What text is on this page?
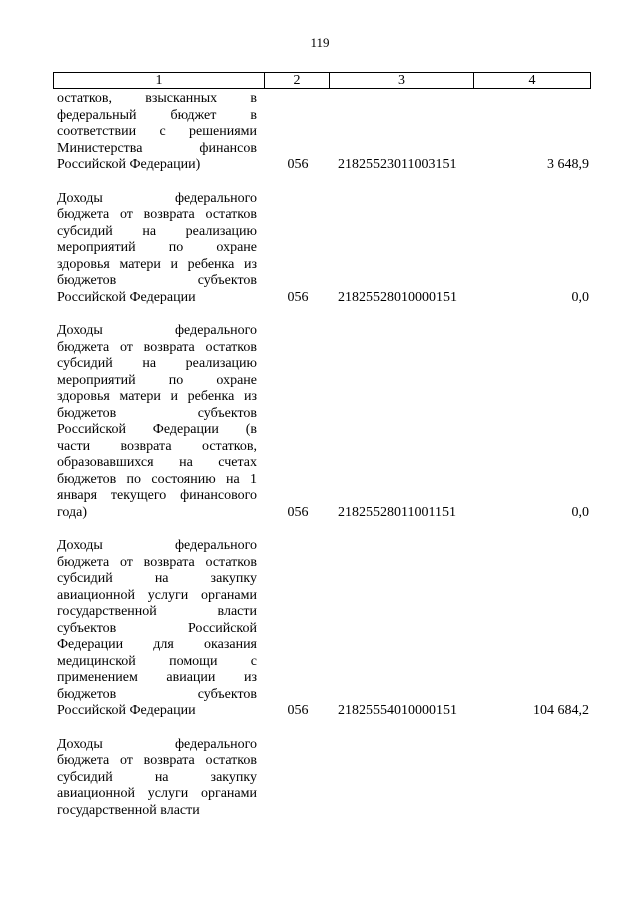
119
1	2	3	4
остатков, взысканных в
федеральный бюджет в
соответствии с решениями
Министерства финансов
Российской Федерации)	056 21825523011003151	3 648,9
Доходы федерального
бюджета от возврата остатков
субсидий на реализацию
мероприятий по охране
здоровья матери и ребенка из
бюджетов субъектов
Российской Федерации	056 21825528010000151	0,0
Доходы федерального
бюджета от возврата остатков
субсидий на реализацию
мероприятий по охране
здоровья матери и ребенка из
бюджетов субъектов
Российской Федерации (в
части возврата остатков,
образовавшихся на счетах
бюджетов по состоянию на 1
января текущего финансового
года)	056 21825528011001151	0,0
Доходы федерального
бюджета от возврата остатков
субсидий на закупку
авиационной услуги органами
государственной власти
субъектов Российской
Федерации для оказания
медицинской помощи с
применением авиации из
бюджетов субъектов
Российской Федерации	056 21825554010000151	104 684,2
Доходы федерального
бюджета от возврата остатков
субсидий на закупку
авиационной услуги органами
государственной власти
